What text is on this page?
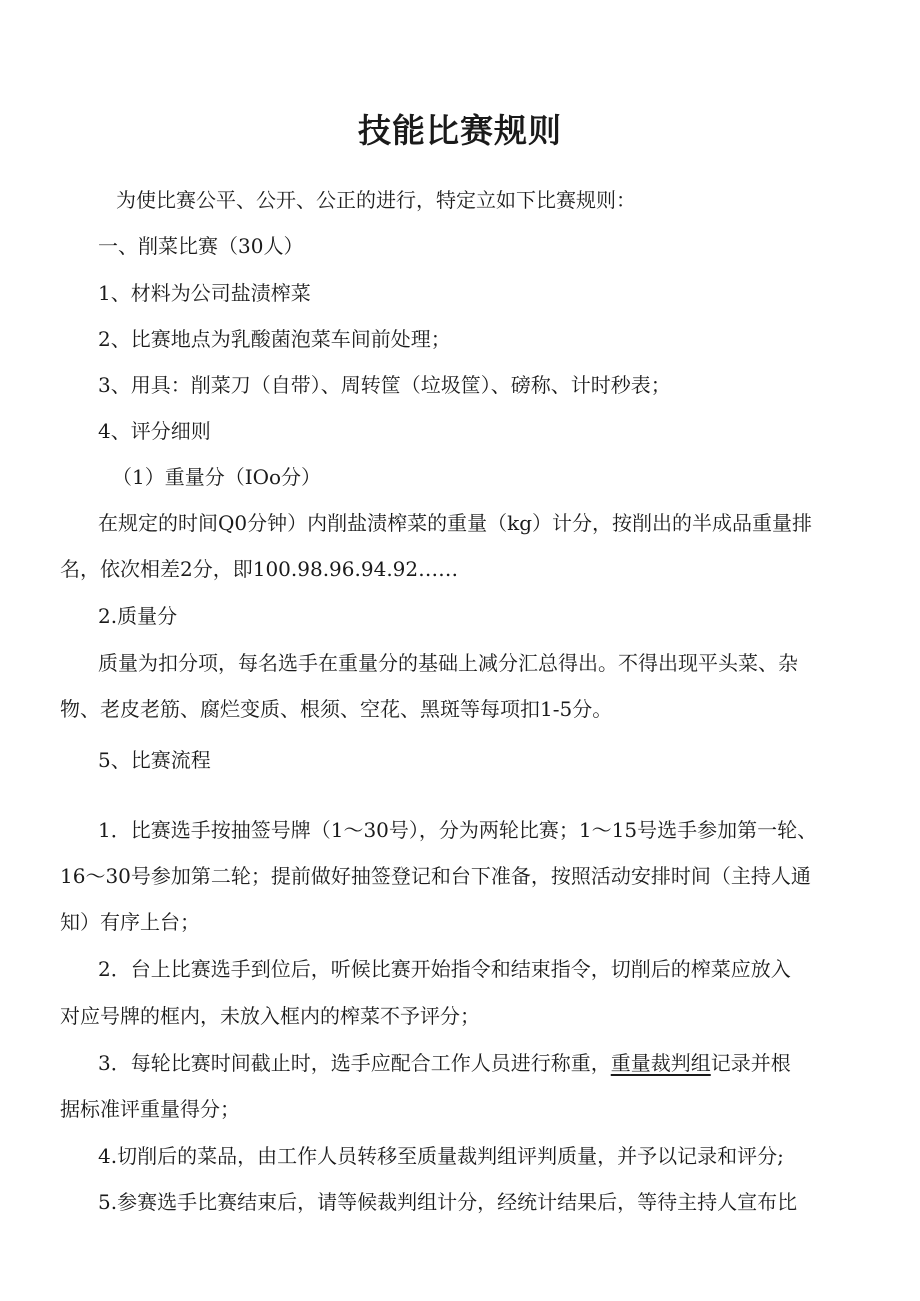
技能比赛规则
为使比赛公平、公开、公正的进行，特定立如下比赛规则：
一、削菜比赛（30人）
1、材料为公司盐渍榨菜
2、比赛地点为乳酸菌泡菜车间前处理；
3、用具：削菜刀（自带）、周转筐（垃圾筐）、磅称、计时秒表；
4、评分细则
（1）重量分（IOo分）
在规定的时间Q0分钟）内削盐渍榨菜的重量（kg）计分，按削出的半成品重量排
名，依次相差2分，即100.98.96.94.92……
2.质量分
质量为扣分项，每名选手在重量分的基础上减分汇总得出。不得出现平头菜、杂
物、老皮老筋、腐烂变质、根须、空花、黑斑等每项扣1-5分。
5、比赛流程
1．比赛选手按抽签号牌（1～30号），分为两轮比赛；1～15号选手参加第一轮、
16～30号参加第二轮；提前做好抽签登记和台下准备，按照活动安排时间（主持人通
知）有序上台；
2．台上比赛选手到位后，听候比赛开始指令和结束指令，切削后的榨菜应放入
对应号牌的框内，未放入框内的榨菜不予评分；
3．每轮比赛时间截止时，选手应配合工作人员进行称重，重量裁判组记录并根
据标准评重量得分；
4.切削后的菜品，由工作人员转移至质量裁判组评判质量，并予以记录和评分;
5.参赛选手比赛结束后，请等候裁判组计分，经统计结果后，等待主持人宣布比
